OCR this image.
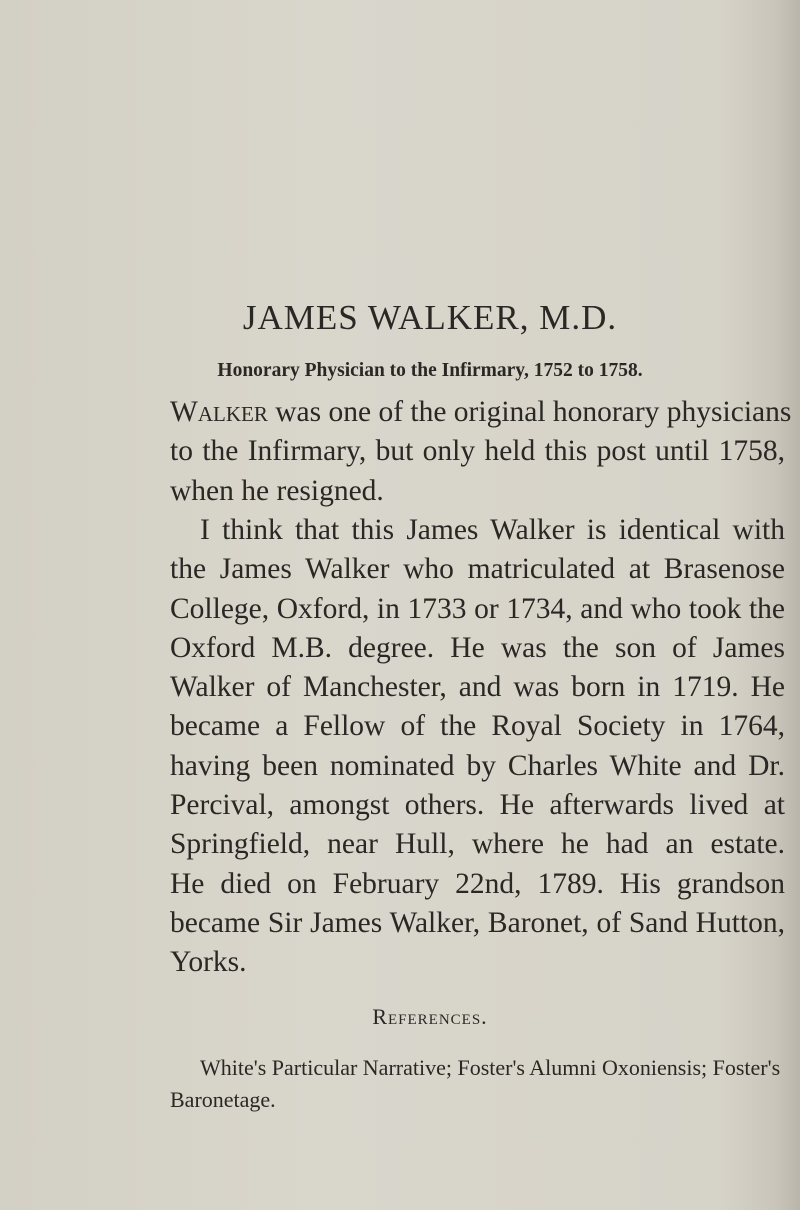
JAMES WALKER, M.D.
Honorary Physician to the Infirmary, 1752 to 1758.
Walker was one of the original honorary physicians
to the Infirmary, but only held this post until 1758,
when he resigned.
I think that this James Walker is identical with
the James Walker who matriculated at Brasenose
College, Oxford, in 1733 or 1734, and who took the
Oxford M.B. degree. He was the son of James
Walker of Manchester, and was born in 1719. He
became a Fellow of the Royal Society in 1764,
having been nominated by Charles White and Dr.
Percival, amongst others. He afterwards lived at
Springfield, near Hull, where he had an estate.
He died on February 22nd, 1789. His grandson
became Sir James Walker, Baronet, of Sand Hutton,
References.
White's Particular Narrative; Foster's Alumni Oxoniensis; Foster's
Baronetage.
Yorks.
